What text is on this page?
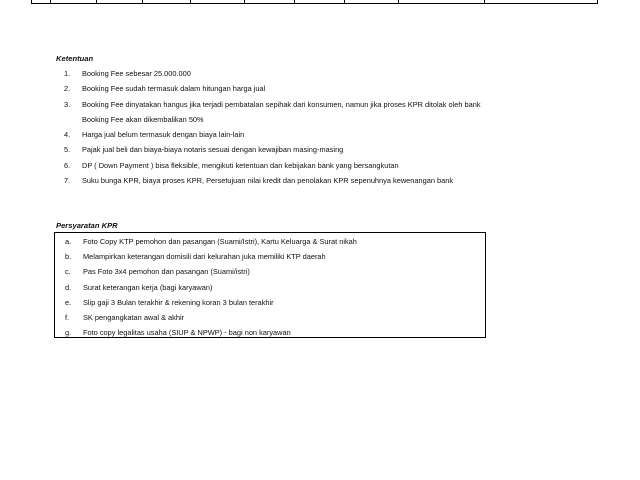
Ketentuan
1.	Booking Fee sebesar 25.000.000
2.	Booking Fee sudah termasuk dalam hitungan harga jual
3.	Booking Fee dinyatakan hangus jika terjadi pembatalan sepihak dari konsumen, namun jika proses KPR ditolak oleh bank
Booking Fee akan dikembalikan 50%
4.	Harga jual belum termasuk dengan biaya lain-lain
5.	Pajak jual beli dan biaya-biaya notaris sesuai dengan kewajiban masing-masing
6.	DP ( Down Payment ) bisa fleksible, mengikuti ketentuan dan kebijakan bank yang bersangkutan
7.	Suku bunga KPR, biaya proses KPR, Persetujuan nilai kredit dan penolakan KPR sepenuhnya kewenangan bank
Persyaratan KPR
a.	Foto Copy KTP pemohon dan pasangan (Suami/Istri), Kartu Keluarga & Surat nikah
b.	Melampirkan keterangan domisili dari kelurahan juka memiliki KTP daerah
c.	Pas Foto 3x4 pemohon dan pasangan (Suami/istri)
d.	Surat keterangan kerja (bagi karyawan)
e.	Slip gaji 3 Bulan terakhir & rekening koran 3 bulan terakhir
f.	SK pengangkatan awal & akhir
g.	Foto copy legalitas usaha (SIUP & NPWP) - bagi non karyawan
